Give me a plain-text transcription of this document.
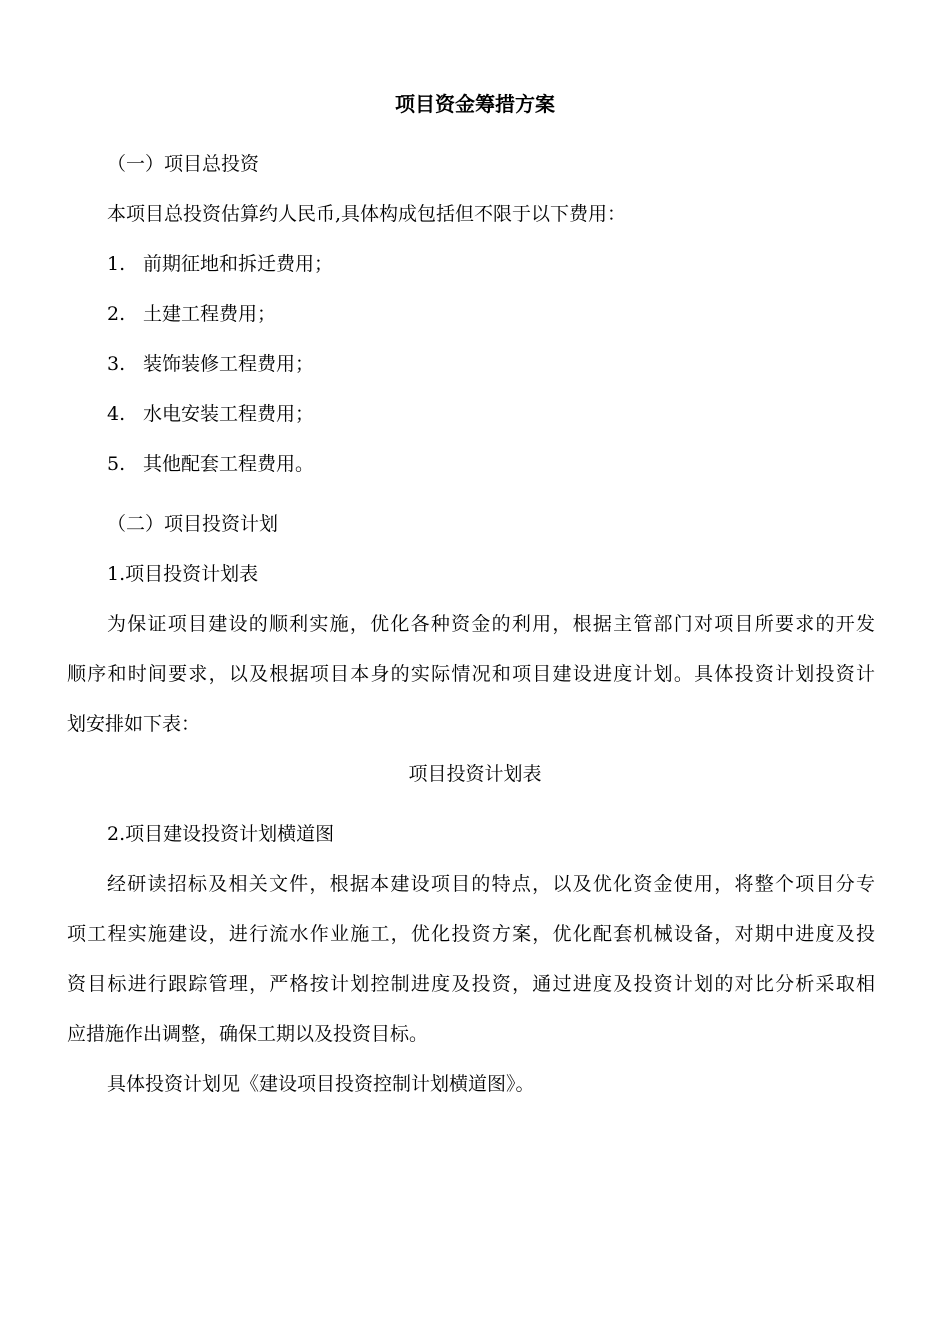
项目资金筹措方案

（一）项目总投资

本项目总投资估算约人民币,具体构成包括但不限于以下费用：

1. 前期征地和拆迁费用；

2. 土建工程费用；

3. 装饰装修工程费用；

4. 水电安装工程费用；

5. 其他配套工程费用。

（二）项目投资计划

1.项目投资计划表

为保证项目建设的顺利实施，优化各种资金的利用，根据主管部门对项目所要求的开发

顺序和时间要求，以及根据项目本身的实际情况和项目建设进度计划。具体投资计划投资计

划安排如下表：

项目投资计划表

2.项目建设投资计划横道图

经研读招标及相关文件，根据本建设项目的特点，以及优化资金使用，将整个项目分专

项工程实施建设，进行流水作业施工，优化投资方案，优化配套机械设备，对期中进度及投

资目标进行跟踪管理，严格按计划控制进度及投资，通过进度及投资计划的对比分析采取相

应措施作出调整，确保工期以及投资目标。

具体投资计划见《建设项目投资控制计划横道图》。
